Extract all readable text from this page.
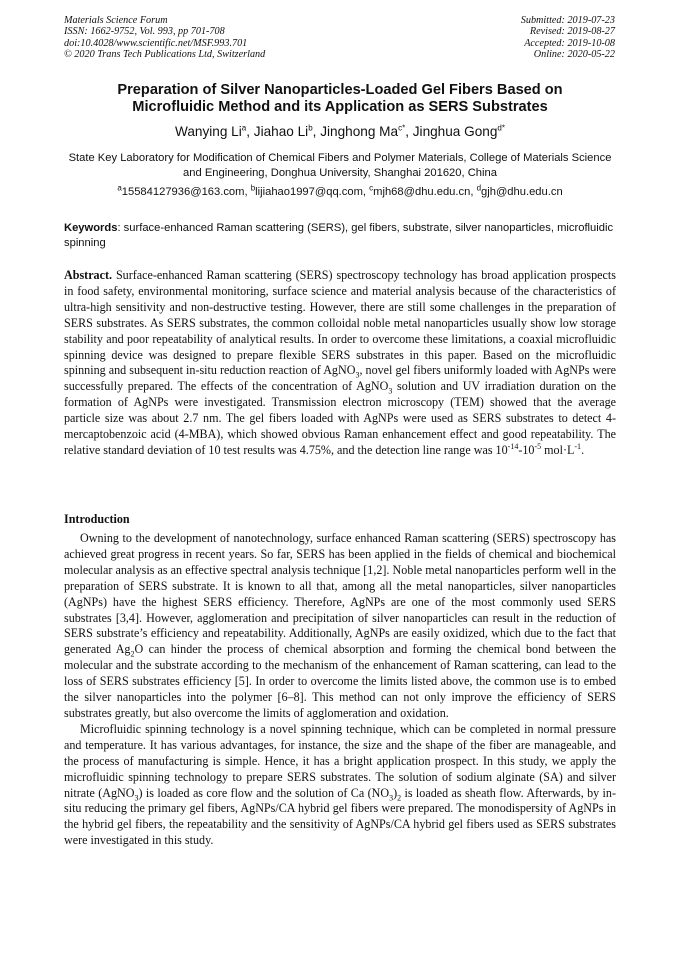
Materials Science Forum
ISSN: 1662-9752, Vol. 993, pp 701-708
doi:10.4028/www.scientific.net/MSF.993.701
© 2020 Trans Tech Publications Ltd, Switzerland
Submitted: 2019-07-23
Revised: 2019-08-27
Accepted: 2019-10-08
Online: 2020-05-22
Preparation of Silver Nanoparticles-Loaded Gel Fibers Based on
Microfluidic Method and its Application as SERS Substrates
Wanying Li$^a$, Jiahao Li$^b$, Jinghong $Ma^{c*}$, Jinghua Gong$^{d*}$
State Key Laboratory for Modification of Chemical Fibers and Polymer Materials, College of Materials Science and Engineering, Donghua University, Shanghai 201620, China
$^a$15584127936@163.com, $^b$lijiahao1997@qq.com, $^c$mjh68@dhu.edu.cn, $^d$gjh@dhu.edu.cn
Keywords: surface-enhanced Raman scattering (SERS), gel fibers, substrate, silver nanoparticles, microfluidic spinning
Abstract. Surface-enhanced Raman scattering (SERS) spectroscopy technology has broad application prospects in food safety, environmental monitoring, surface science and material analysis because of the characteristics of ultra-high sensitivity and non-destructive testing. However, there are still some challenges in the preparation of SERS substrates. As SERS substrates, the common colloidal noble metal nanoparticles usually show low storage stability and poor repeatability of analytical results. In order to overcome these limitations, a coaxial microfluidic spinning device was designed to prepare flexible SERS substrates in this paper. Based on the microfluidic spinning and subsequent in-situ reduction reaction of AgNO$_3$, novel gel fibers uniformly loaded with AgNPs were successfully prepared. The effects of the concentration of AgNO$_3$ solution and UV irradiation duration on the formation of AgNPs were investigated. Transmission electron microscopy (TEM) showed that the average particle size was about 2.7 nm. The gel fibers loaded with AgNPs were used as SERS substrates to detect 4-mercaptobenzoic acid (4-MBA), which showed obvious Raman enhancement effect and good repeatability. The relative standard deviation of 10 test results was 4.75%, and the detection line range was $10^{-14}-10^{-5}$ $mol\cdot L^{-1}$.
Introduction

Owning to the development of nanotechnology, surface enhanced Raman scattering (SERS) spectroscopy has achieved great progress in recent years. So far, SERS has been applied in the fields of chemical and biochemical molecular analysis as an effective spectral analysis technique [1,2]. Noble metal nanoparticles perform well in the preparation of SERS substrate. It is known to all that, among all the metal nanoparticles, silver nanoparticles (AgNPs) have the highest SERS efficiency. Therefore, AgNPs are one of the most commonly used SERS substrates [3,4]. However, agglomeration and precipitation of silver nanoparticles can result in the reduction of SERS substrate’s efficiency and repeatability. Additionally, AgNPs are easily oxidized, which due to the fact that generated $Ag_2O$ can hinder the process of chemical absorption and forming the chemical bond between the molecular and the substrate according to the mechanism of the enhancement of Raman scattering, can lead to the loss of SERS substrates efficiency [5]. In order to overcome the limits listed above, the common use is to embed the silver nanoparticles into the polymer [6–8]. This method can not only improve the efficiency of SERS substrates greatly, but also overcome the limits of agglomeration and oxidation.

Microfluidic spinning technology is a novel spinning technique, which can be completed in normal pressure and temperature. It has various advantages, for instance, the size and the shape of the fiber are manageable, and the process of manufacturing is simple. Hence, it has a bright application prospect. In this study, we apply the microfluidic spinning technology to prepare SERS substrates. The solution of sodium alginate (SA) and silver nitrate (AgNO$_3$) is loaded as core flow and the solution of Ca $(NO_3)_2$ is loaded as sheath flow. Afterwards, by in-situ reducing the primary gel fibers, AgNPs/CA hybrid gel fibers were prepared. The monodispersity of AgNPs in the hybrid gel fibers, the repeatability and the sensitivity of AgNPs/CA hybrid gel fibers used as SERS substrates were investigated in this study.
